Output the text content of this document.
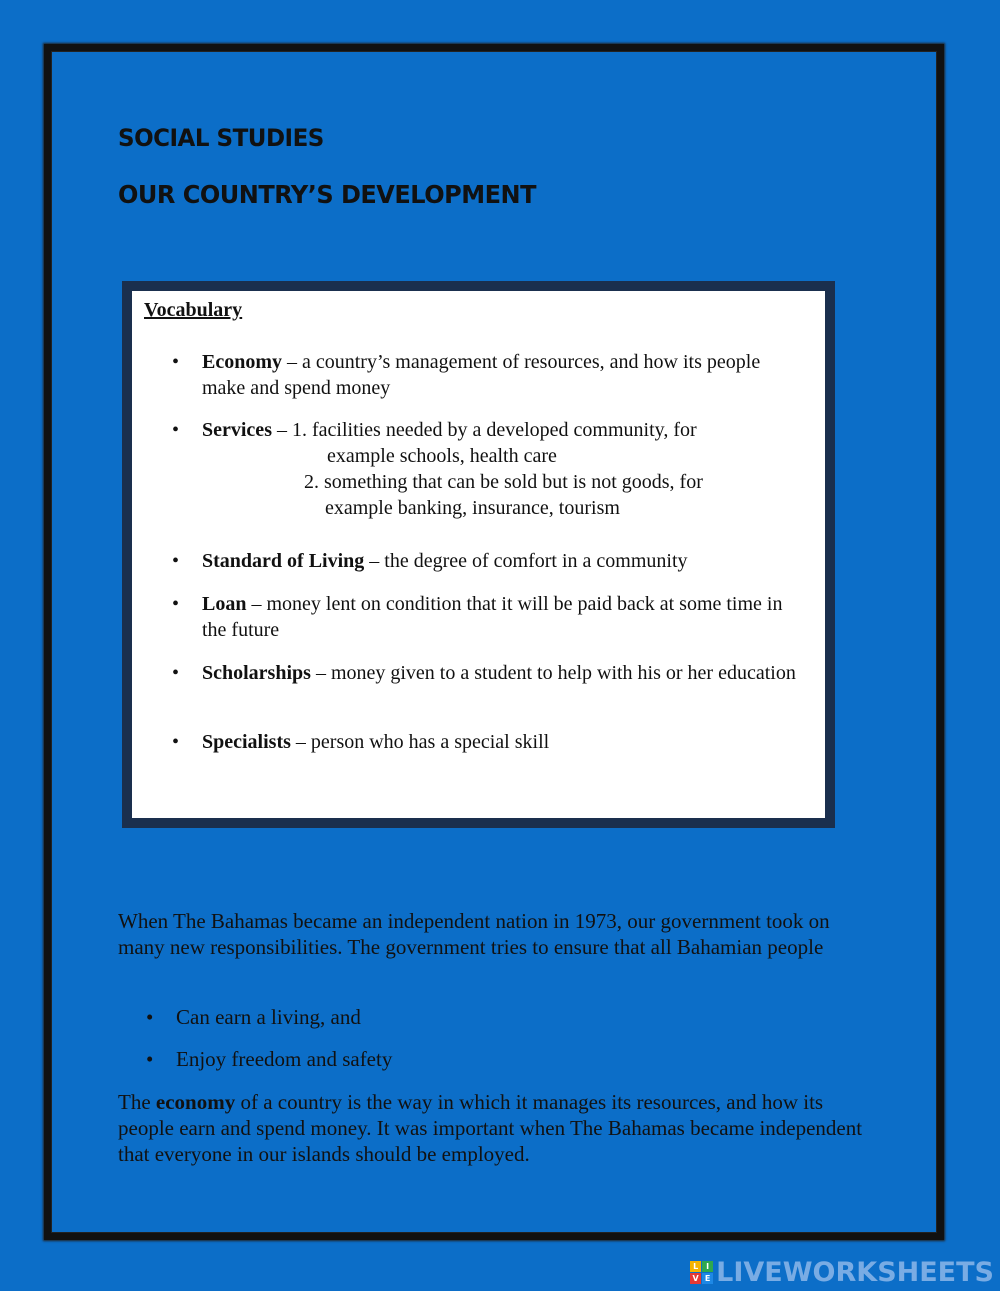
SOCIAL STUDIES
OUR COUNTRY’S DEVELOPMENT

Vocabulary

• Economy – a country’s management of resources, and how its people make and spend money
• Services – 1. facilities needed by a developed community, for
example schools, health care
2. something that can be sold but is not goods, for
example banking, insurance, tourism
• Standard of Living – the degree of comfort in a community
• Loan – money lent on condition that it will be paid back at some time in the future
• Scholarships – money given to a student to help with his or her education
• Specialists – person who has a special skill

When The Bahamas became an independent nation in 1973, our government took on many new responsibilities. The government tries to ensure that all Bahamian people

• Can earn a living, and
• Enjoy freedom and safety

The economy of a country is the way in which it manages its resources, and how its people earn and spend money. It was important when The Bahamas became independent that everyone in our islands should be employed.

L I
V E LIVEWORKSHEETS
